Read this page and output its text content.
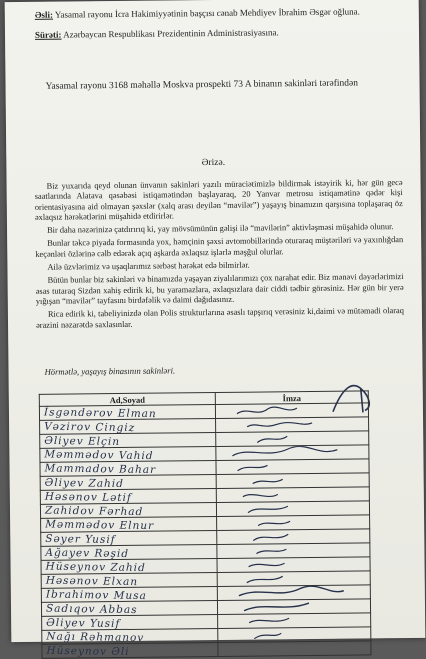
Əsli: Yasamal rayonu İcra Hakimiyyətinin başçısı cənab Mehdiyev İbrahim Əsgər oğluna.
Sürəti: Azərbaycan Respublikası Prezidentinin Administrasiyasına.
Yasamal rayonu 3168 məhəllə Moskva prospekti 73 A binanın sakinləri tərəfindən
Ərizə.

Biz yuxarıda qeyd olunan ünvanın sakinləri yazılı müraciətimizlə bildirmək istəyirik ki, hər gün gecə saatlarında Alatava qəsəbəsi istiqamətindən başlayaraq, 20 Yanvar metrosu istiqamətinə qədər kişi orientasiyasına aid olmayan şəxslər (xalq arası deyilən “mavilər”) yaşayış binamızın qarşısına toplaşaraq öz əxlaqsız hərəkətlərini müşahidə etdirirlər.

Bir daha nəzərinizə çatdırırıq ki, yay mövsümünün gəlişi ilə “mavilərin” aktivləşməsi müşahidə olunur.

Bunlar təkcə piyada formasında yox, həmçinin şəxsi avtomobillərində oturaraq müştəriləri və yaxınlığdan keçənləri özlərinə cəlb edərək açıq aşkarda əxlaqsız işlərlə məşğul olurlar.

Ailə üzvlərimiz və uşaqlarımız sərbəst hərəkət edə bilmirlər.

Bütün bunlar biz sakinləri və binamızda yaşayan ziyalılarımızı çox narahat edir. Biz mənəvi dəyərlərimizi əsas tutaraq Sizdən xahiş edirik ki, bu yaramazlara, əxlaqsızlara dair ciddi tədbir görəsiniz. Hər gün bir yerə yığışan “mavilər” tayfasını birdəfəlik və daimi dağıdasınız.

Rica edirik ki, tabeliyinizdə olan Polis strukturlarına əsaslı tapşırıq verəsiniz ki,daimi və mütəmadi olaraq ərazini nəzarətdə saxlasınlar.

Hörmətlə, yaşayış binasının sakinləri.
Ad,Soyad	İmza
İsgəndərov Elman	

Vəzirov Cingiz	

Əliyev Elçin	

Məmmədov Vahid	

Mammadov Bahar	

Əliyev Zahid	

Həsənov Lətif	

Zahidov Fərhad	

Məmmədov Elnur	

Səyer Yusif	

Ağayev Rəşid	

Hüseynov Zahid	

Həsənov Elxan	

Ibrahimov Musa	

Sadıqov Abbas	

Əliyev Yusif	

Nağı Rəhmanov	

Hüseynov Əli	
